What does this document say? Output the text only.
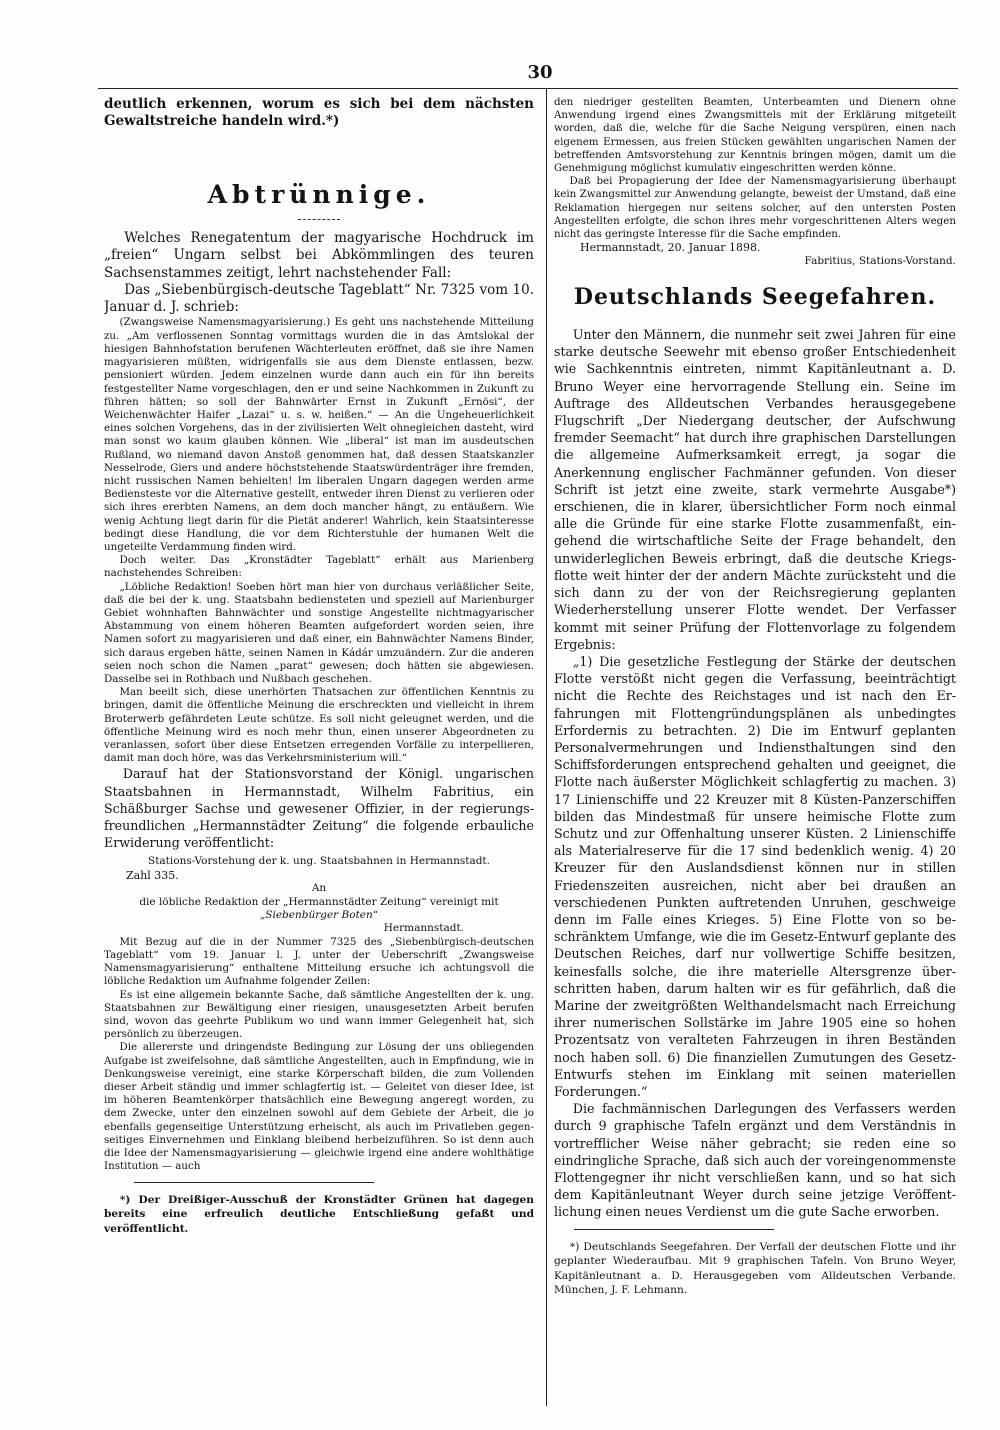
30

deutlich erkennen, worum es sich bei dem nächsten Gewaltstreiche handeln wird.*)

Abtrünnige.

Welches Renegatentum der magyarische Hochdruck im „freien“ Ungarn selbst bei Abkömmlingen des teuren Sachsenstammes zeitigt, lehrt nachstehender Fall:

Das „Siebenbürgisch-deutsche Tageblatt“ Nr. 7325 vom 10. Januar d. J. schrieb:

(Zwangsweise Namensmagyarisierung.) Es geht uns nachstehende Mitteilung zu. „Am verflossenen Sonntag vormittags wurden die in das Amtslokal der hiesigen Bahnhofstation berufenen Wächterleuten eröffnet, daß sie ihre Namen magyarisieren müßten, widrigenfalls sie aus dem Dienste entlassen, bezw. pensioniert würden. Jedem einzelnen wurde dann auch ein für ihn bereits festgestellter Name vorgeschlagen, den er und seine Nachkommen in Zukunft zu führen hätten; so soll der Bahnwärter Ernst in Zukunft „Ernösi“, der Weichenwächter Haifer „Lazai“ u. s. w. heißen.“ — An die Ungeheuerlichkeit eines solchen Vorgehens, das in der zivilisierten Welt ohnegleichen dasteht, wird man sonst wo kaum glauben können. Wie „liberal“ ist man im ausdeutschen Rußland, wo niemand davon Anstoß genommen hat, daß dessen Staatskanzler Nesselrode, Giers und andere höchststehende Staatswürdenträger ihre fremden, nicht russischen Namen behielten! Im liberalen Ungarn dagegen werden arme Bediensteste vor die Alternative gestellt, entweder ihren Dienst zu verlieren oder sich ihres ererbten Namens, an dem doch mancher hängt, zu entäußern. Wie wenig Achtung liegt darin für die Pietät anderer! Wahrlich, kein Staatsinteresse bedingt diese Handlung, die vor dem Richterstuhle der humanen Welt die ungeteilte Verdammung finden wird.

Doch weiter. Das „Kronstädter Tageblatt“ erhält aus Marienberg nachstehendes Schreiben:

„Löbliche Redaktion! Soeben hört man hier von durchaus verläßlicher Seite, daß die bei der k. ung. Staatsbahn bediensteten und speziell auf Marienburger Gebiet wohnhaften Bahnwächter und sonstige Angestellte nichtmagyarischer Abstammung von einem höheren Beamten aufgefordert worden seien, ihre Namen sofort zu magyarisieren und daß einer, ein Bahnwächter Namens Binder, sich daraus ergeben hätte, seinen Namen in Kádár umzuändern. Zur die anderen seien noch schon die Namen „parat“ gewesen; doch hätten sie abgewiesen. Dasselbe sei in Rothbach und Nußbach geschehen.

Man beeilt sich, diese unerhörten Thatsachen zur öffentlichen Kenntnis zu bringen, damit die öffentliche Meinung die erschreckten und vielleicht in ihrem Broterwerb gefährdeten Leute schütze. Es soll nicht geleugnet werden, und die öffentliche Meinung wird es noch mehr thun, einen unserer Abgeordneten zu veranlassen, sofort über diese Entsetzen erregenden Vorfälle zu interpellieren, damit man doch höre, was das Verkehrsministerium will.“

Darauf hat der Stationsvorstand der Königl. ungarischen Staatsbahnen in Hermannstadt, Wilhelm Fabritius, ein Schäßburger Sachse und gewesener Offizier, in der regierungsfreundlichen „Hermannstädter Zeitung“ die folgende erbauliche Erwiderung veröffentlicht:

Stations-Vorstehung der k. ung. Staatsbahnen in Hermannstadt.

Zahl 335.

An

die löbliche Redaktion der „Hermannstädter Zeitung“ vereinigt mit

„Siebenbürger Boten“

Hermannstadt.

Mit Bezug auf die in der Nummer 7325 des „Siebenbürgisch-deutschen Tageblatt“ vom 19. Januar l. J. unter der Ueberschrift „Zwangsweise Namensmagyarisierung“ enthaltene Mitteilung ersuche ich achtungsvoll die löbliche Redaktion um Aufnahme folgender Zeilen:

Es ist eine allgemein bekannte Sache, daß sämtliche Angestellten der k. ung. Staatsbahnen zur Bewältigung einer riesigen, unausgesetzten Arbeit berufen sind, wovon das geehrte Publikum wo und wann immer Gelegenheit hat, sich persönlich zu überzeugen.

Die allererste und dringendste Bedingung zur Lösung der uns obliegenden Aufgabe ist zweifelsohne, daß sämtliche Angestellten, auch in Empfindung, wie in Denkungsweise vereinigt, eine starke Körperschaft bilden, die zum Vollenden dieser Arbeit ständig und immer schlagfertig ist. — Geleitet von dieser Idee, ist im höheren Beamtenkörper thatsächlich eine Bewegung angeregt worden, zu dem Zwecke, unter den einzelnen sowohl auf dem Gebiete der Arbeit, die jo ebenfalls gegenseitige Unterstützung erheischt, als auch im Privatleben gegenseitiges Einvernehmen und Einklang bleibend herbeizuführen. So ist denn auch die Idee der Namensmagyarisierung — gleichwie irgend eine andere wohlthätige Institution — auch

*) Der Dreißiger-Ausschuß der Kronstädter Grünen hat dagegen bereits eine erfreulich deutliche Entschließung gefaßt und veröffentlicht.

den niedriger gestellten Beamten, Unterbeamten und Dienern ohne Anwendung irgend eines Zwangsmittels mit der Erklärung mitgeteilt worden, daß die, welche für die Sache Neigung verspüren, einen nach eigenem Ermessen, aus freien Stücken gewählten ungarischen Namen der betreffenden Amtsvorstehung zur Kenntnis bringen mögen, damit um die Genehmigung möglichst kumulativ eingeschritten werden könne.

Daß bei Propagierung der Idee der Namensmagyarisierung überhaupt kein Zwangsmittel zur Anwendung gelangte, beweist der Umstand, daß eine Reklamation hiergegen nur seitens solcher, auf den untersten Posten Angestellten erfolgte, die schon ihres mehr vorgeschrittenen Alters wegen nicht das geringste Interesse für die Sache empfinden.

Hermannstadt, 20. Januar 1898.

Fabritius, Stations-Vorstand.

Deutschlands Seegefahren.

Unter den Männern, die nunmehr seit zwei Jahren für eine starke deutsche Seewehr mit ebenso großer Entschiedenheit wie Sachkenntnis eintreten, nimmt Kapitänleutnant a. D. Bruno Weyer eine hervorragende Stellung ein. Seine im Auftrage des Alldeutschen Verbandes herausgegebene Flugschrift „Der Niedergang deutscher, der Aufschwung fremder Seemacht“ hat durch ihre graphischen Darstellungen die allgemeine Aufmerksamkeit erregt, ja sogar die Anerkennung englischer Fachmänner gefunden. Von dieser Schrift ist jetzt eine zweite, stark vermehrte Ausgabe*) erschienen, die in klarer, übersichtlicher Form noch einmal alle die Gründe für eine starke Flotte zusammenfaßt, eingehend die wirtschaftliche Seite der Frage behandelt, den unwiderleglichen Beweis erbringt, daß die deutsche Kriegsflotte weit hinter der der andern Mächte zurücksteht und die sich dann zu der von der Reichsregierung geplanten Wiederherstellung unserer Flotte wendet. Der Verfasser kommt mit seiner Prüfung der Flottenvorlage zu folgendem Ergebnis:

„1) Die gesetzliche Festlegung der Stärke der deutschen Flotte verstößt nicht gegen die Verfassung, beeinträchtigt nicht die Rechte des Reichstages und ist nach den Erfahrungen mit Flottengründungsplänen als unbedingtes Erfordernis zu betrachten. 2) Die im Entwurf geplanten Personalvermehrungen und Indiensthaltungen sind den Schiffsforderungen entsprechend gehalten und geeignet, die Flotte nach äußerster Möglichkeit schlagfertig zu machen. 3) 17 Linienschiffe und 22 Kreuzer mit 8 Küsten-Panzerschiffen bilden das Mindestmaß für unsere heimische Flotte zum Schutz und zur Offenhaltung unserer Küsten. 2 Linienschiffe als Materialreserve für die 17 sind bedenklich wenig. 4) 20 Kreuzer für den Auslandsdienst können nur in stillen Friedenszeiten ausreichen, nicht aber bei draußen an verschiedenen Punkten auftretenden Unruhen, geschweige denn im Falle eines Krieges. 5) Eine Flotte von so beschränktem Umfange, wie die im Gesetz-Entwurf geplante des Deutschen Reiches, darf nur vollwertige Schiffe besitzen, keinesfalls solche, die ihre materielle Altersgrenze überschritten haben, darum halten wir es für gefährlich, daß die Marine der zweitgrößten Welthandelsmacht nach Erreichung ihrer numerischen Sollstärke im Jahre 1905 eine so hohen Prozentsatz von veralteten Fahrzeugen in ihren Beständen noch haben soll. 6) Die finanziellen Zumutungen des Gesetz-Entwurfs stehen im Einklang mit seinen materiellen Forderungen.“

Die fachmännischen Darlegungen des Verfassers werden durch 9 graphische Tafeln ergänzt und dem Verständnis in vortrefflicher Weise näher gebracht; sie reden eine so eindringliche Sprache, daß sich auch der voreingenommenste Flottengegner ihr nicht verschließen kann, und so hat sich dem Kapitänleutnant Weyer durch seine jetzige Veröffentlichung einen neues Verdienst um die gute Sache erworben.

*) Deutschlands Seegefahren. Der Verfall der deutschen Flotte und ihr geplanter Wiederaufbau. Mit 9 graphischen Tafeln. Von Bruno Weyer, Kapitänleutnant a. D. Herausgegeben vom Alldeutschen Verbande. München, J. F. Lehmann.
